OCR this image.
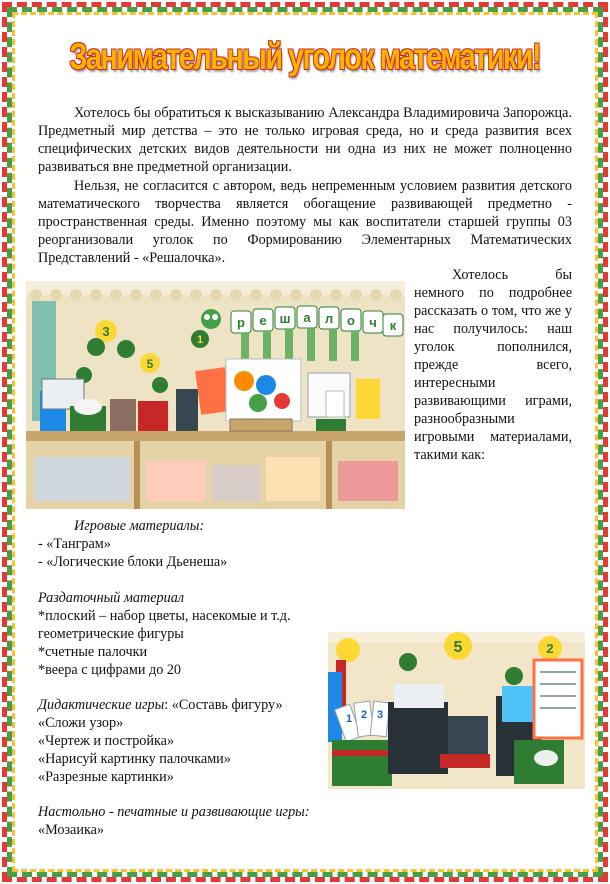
Занимательный уголок математики!

Хотелось бы обратиться к высказыванию Александра Владимировича Запорожца. Предметный мир детства – это не только игровая среда, но и среда развития всех специфических детских видов деятельности ни одна из них не может полноценно развиваться вне предметной организации.

Нельзя, не согласится с автором, ведь непременным условием развития детского математического творчества является обогащение развивающей предметно - пространственная среды. Именно поэтому мы как воспитатели старшей группы 03 реорганизовали уголок по Формированию Элементарных Математических Представлений - «Решалочка».

р е ш а л о ч к
3
5
1

Хотелось бы немного по подробнее рассказать о том, что же у нас получилось: наш уголок пополнился, прежде всего, интересными развивающими играми, разнообразными игровыми материалами, такими как:

Игровые материалы:
- «Танграм»
- «Логические блоки Дьенеша»
Раздаточный материал
*плоский – набор цветы, насекомые и т.д.
геометрические фигуры
*счетные палочки
*веера с цифрами до 20
5	2
1 2 3
Дидактические игры: «Составь фигуру»
«Сложи узор»
«Чертеж и постройка»
«Нарисуй картинку палочками»
«Разрезные картинки»
Настольно - печатные и развивающие игры:
«Мозаика»
